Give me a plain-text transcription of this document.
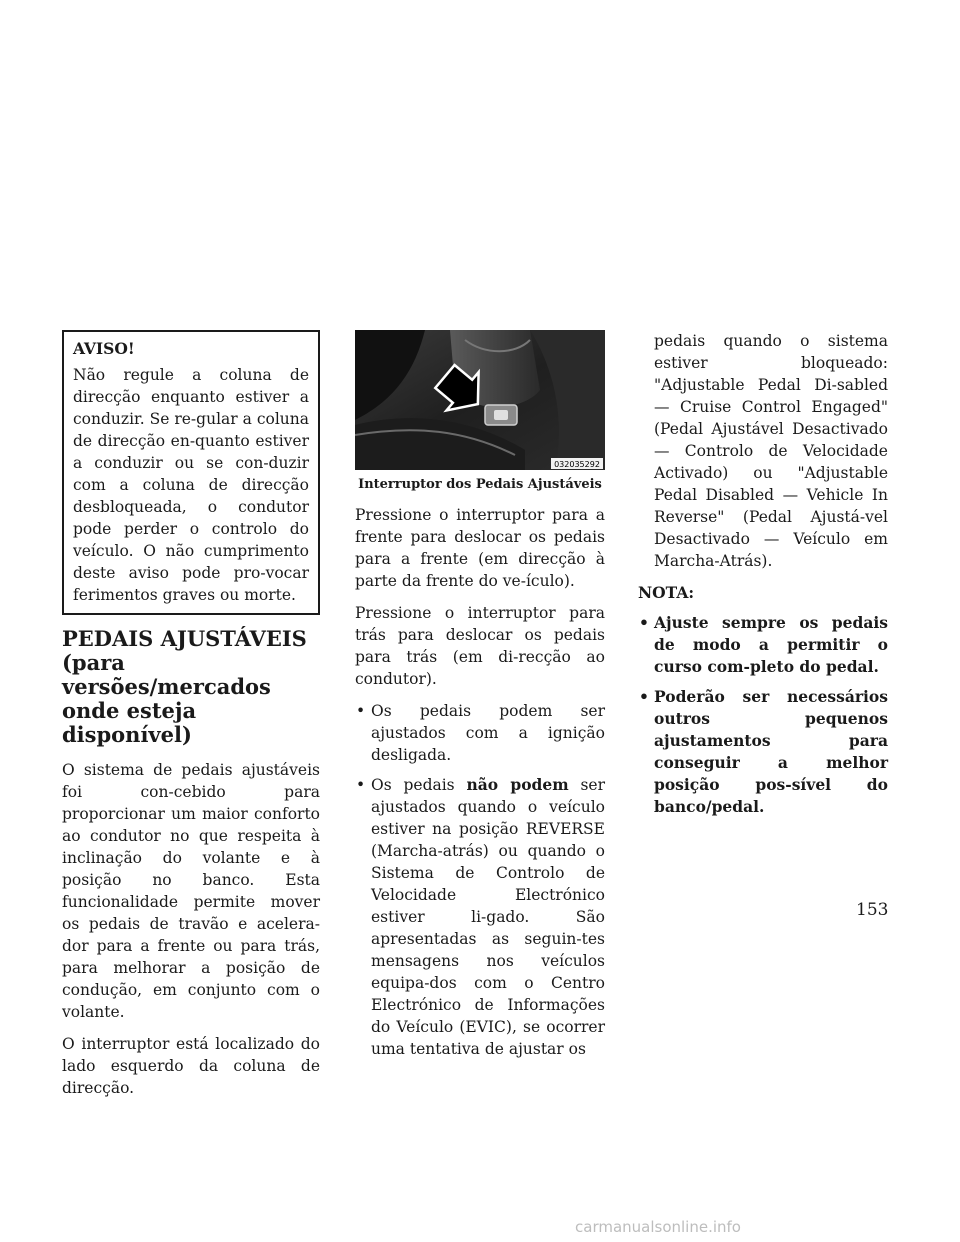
AVISO!

Não regule a coluna de direcção enquanto estiver a conduzir. Se re-gular a coluna de direcção en-quanto estiver a conduzir ou se con-duzir com a coluna de direcção desbloqueada, o condutor pode perder o controlo do veículo. O não cumprimento deste aviso pode pro-vocar ferimentos graves ou morte.

PEDAIS AJUSTÁVEIS (para versões/mercados onde esteja disponível)

O sistema de pedais ajustáveis foi con-cebido para proporcionar um maior conforto ao condutor no que respeita à inclinação do volante e à posição no banco. Esta funcionalidade permite mover os pedais de travão e acelera-dor para a frente ou para trás, para melhorar a posição de condução, em conjunto com o volante.

O interruptor está localizado do lado esquerdo da coluna de direcção.

032035292
Interruptor dos Pedais Ajustáveis

Pressione o interruptor para a frente para deslocar os pedais para a frente (em direcção à parte da frente do ve-ículo).

Pressione o interruptor para trás para deslocar os pedais para trás (em di-recção ao condutor).

• Os pedais podem ser ajustados com a ignição desligada.
• Os pedais não podem ser ajustados quando o veículo estiver na posição REVERSE (Marcha-atrás) ou quando o Sistema de Controlo de Velocidade Electrónico estiver li-gado. São apresentadas as seguin-tes mensagens nos veículos equipa-dos com o Centro Electrónico de Informações do Veículo (EVIC), se ocorrer uma tentativa de ajustar os

pedais quando o sistema estiver bloqueado: "Adjustable Pedal Di-sabled — Cruise Control Engaged" (Pedal Ajustável Desactivado — Controlo de Velocidade Activado) ou "Adjustable Pedal Disabled — Vehicle In Reverse" (Pedal Ajustá-vel Desactivado — Veículo em Marcha-Atrás).

NOTA:
• Ajuste sempre os pedais de modo a permitir o curso com-pleto do pedal.
• Poderão ser necessários outros pequenos ajustamentos para conseguir a melhor posição pos-sível do banco/pedal.
153
carmanualsonline.info
